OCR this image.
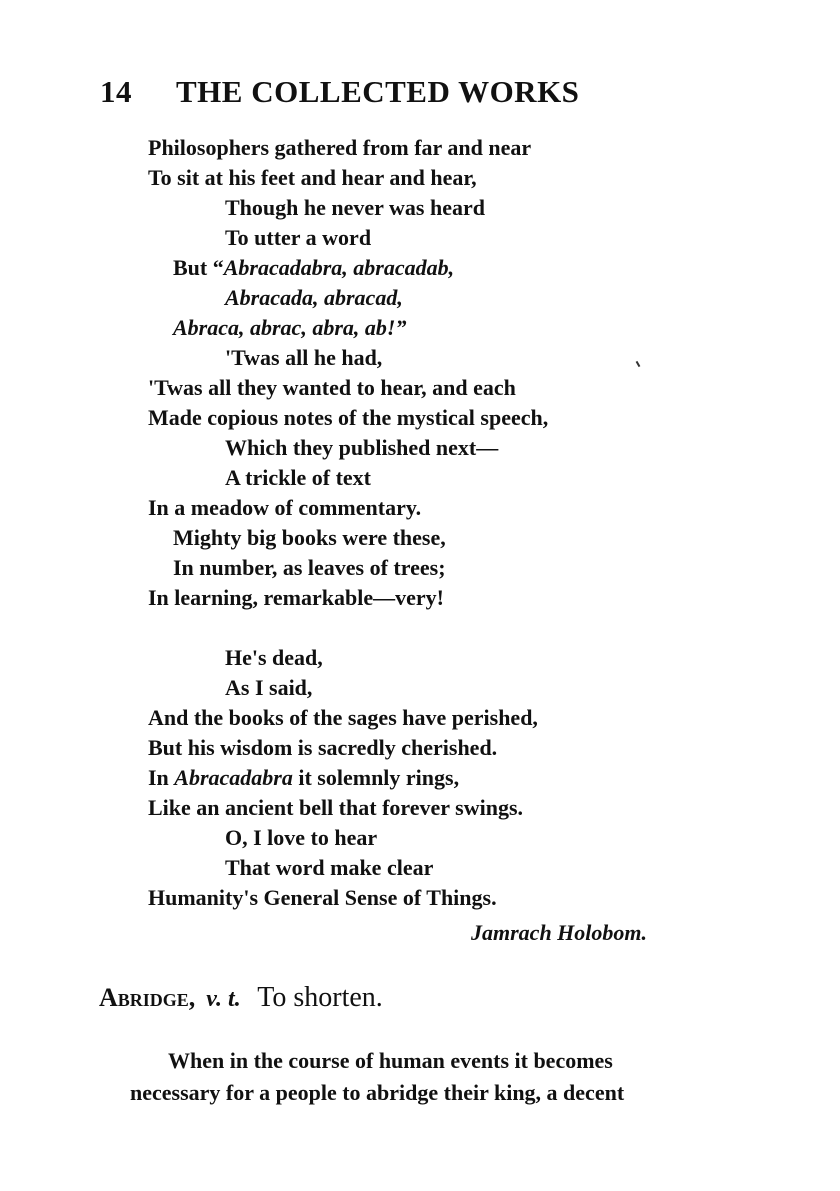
14 THE COLLECTED WORKS
Philosophers gathered from far and near
To sit at his feet and hear and hear,
Though he never was heard
To utter a word
But “Abracadabra, abracadab,
Abracada, abracad,
Abraca, abrac, abra, ab!”
'Twas all he had,
'Twas all they wanted to hear, and each
Made copious notes of the mystical speech,
Which they published next—
A trickle of text
In a meadow of commentary.
Mighty big books were these,
In number, as leaves of trees;
In learning, remarkable—very!
He's dead,
As I said,
And the books of the sages have perished,
But his wisdom is sacredly cherished.
In Abracadabra it solemnly rings,
Like an ancient bell that forever swings.
O, I love to hear
That word make clear
Humanity's General Sense of Things.
Jamrach Holobom.
Abridge, v. t. To shorten.
When in the course of human events it becomes
necessary for a people to abridge their king, a decent
